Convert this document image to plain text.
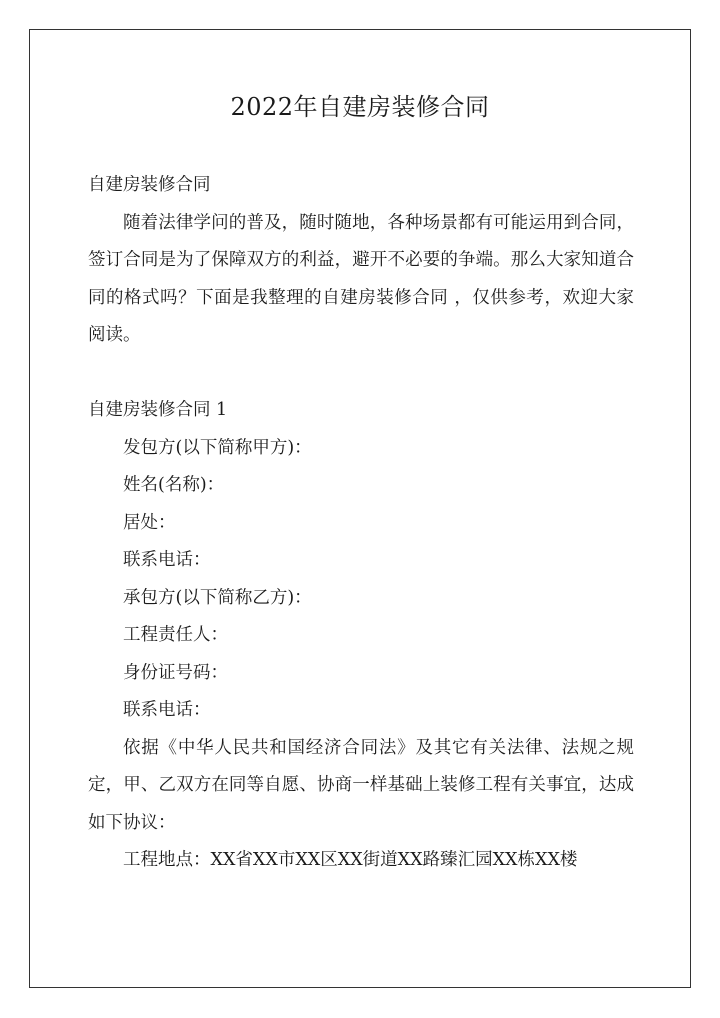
2022年自建房装修合同

自建房装修合同

随着法律学问的普及，随时随地，各种场景都有可能运用到合同，签订合同是为了保障双方的利益，避开不必要的争端。那么大家知道合同的格式吗？下面是我整理的自建房装修合同 ，仅供参考，欢迎大家阅读。

自建房装修合同 1

发包方(以下简称甲方)：

姓名(名称)：

居处：

联系电话：

承包方(以下简称乙方)：

工程责任人：

身份证号码：

联系电话：

依据《中华人民共和国经济合同法》及其它有关法律、法规之规定，甲、乙双方在同等自愿、协商一样基础上装修工程有关事宜，达成如下协议：

工程地点：XX省XX市XX区XX街道XX路臻汇园XX栋XX楼
